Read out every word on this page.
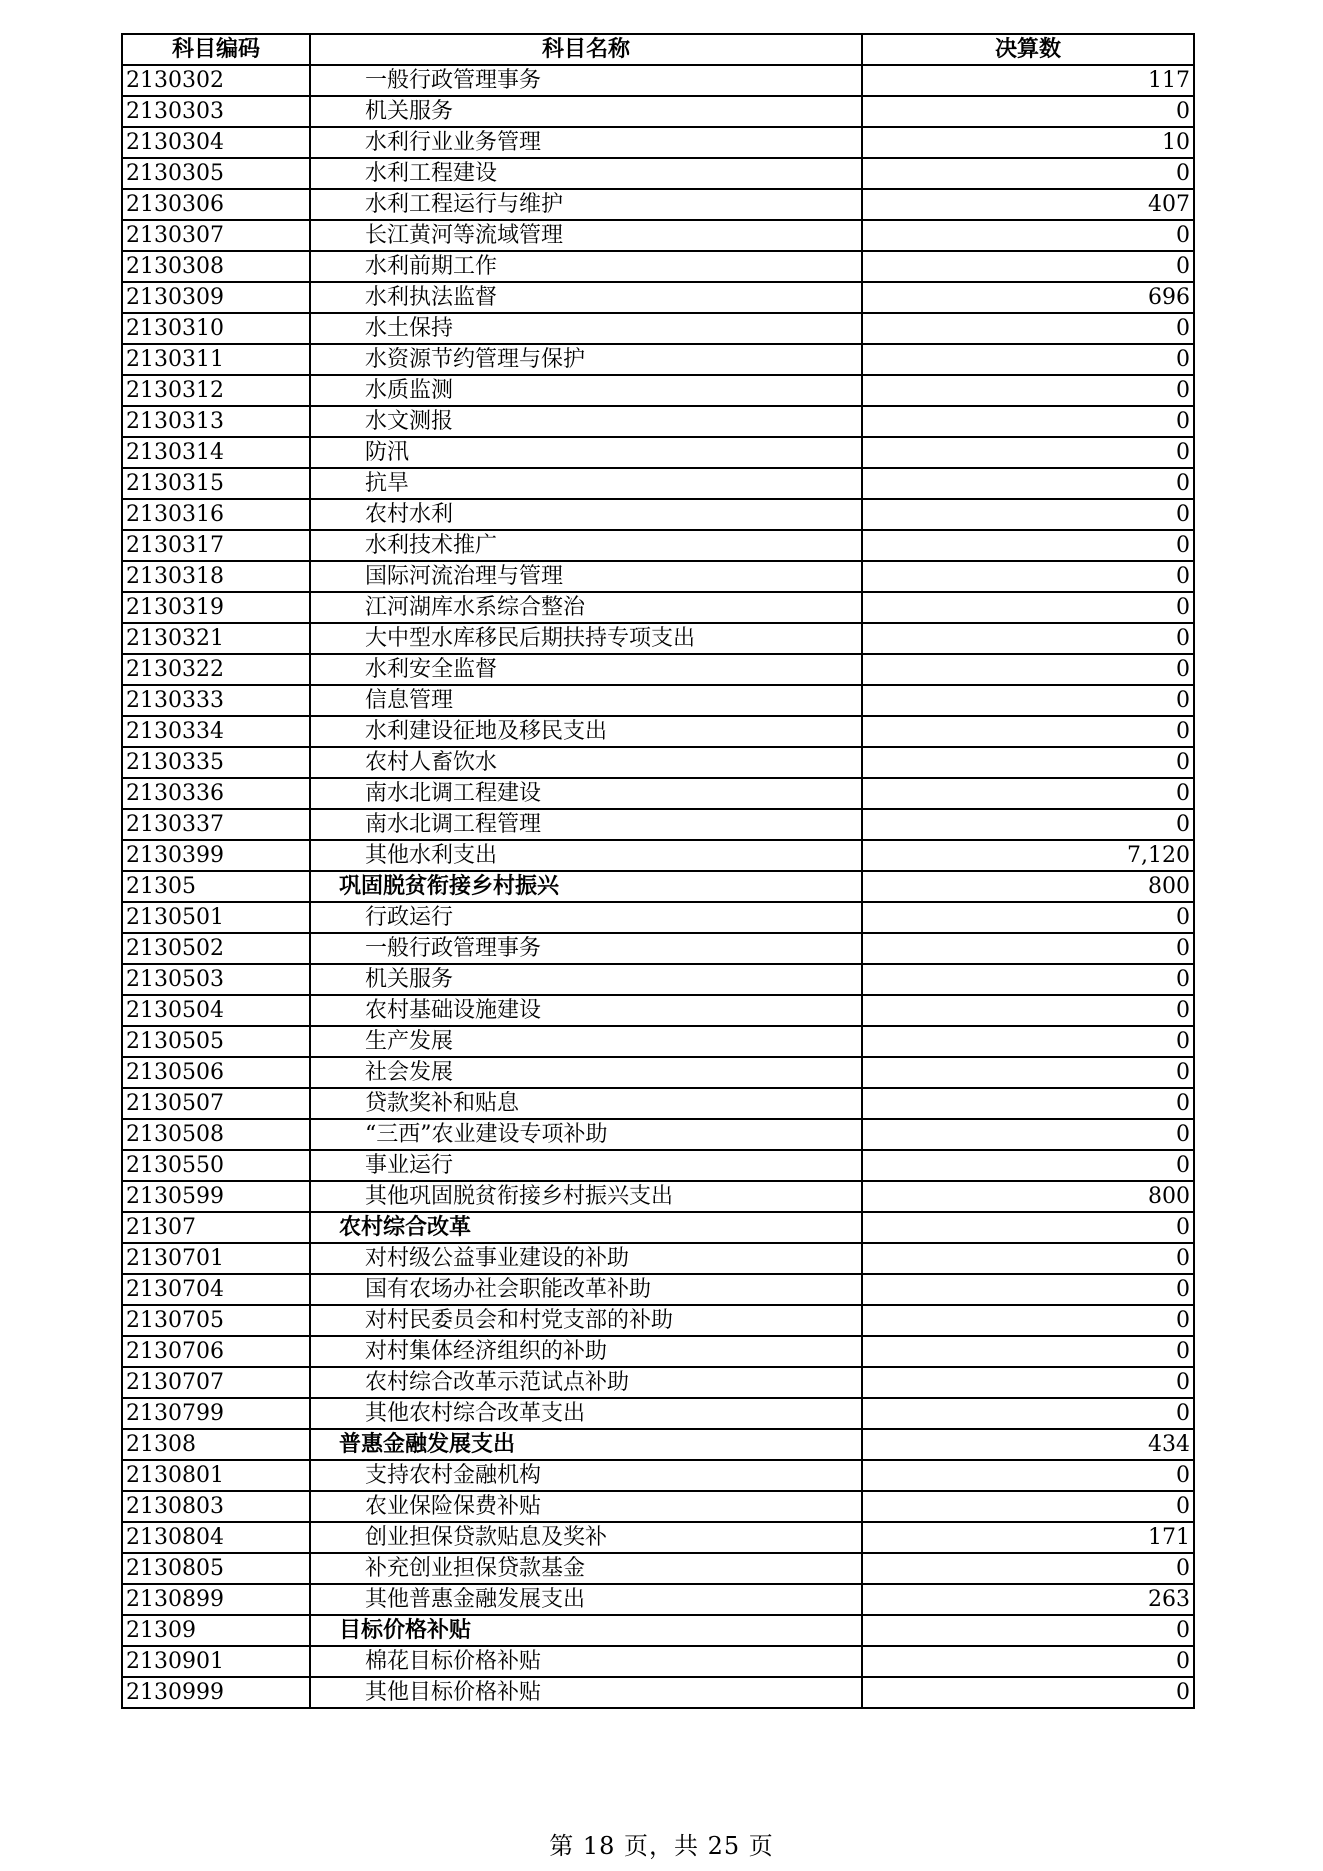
科目编码	科目名称	决算数
2130302	一般行政管理事务	117
2130303	机关服务	0
2130304	水利行业业务管理	10
2130305	水利工程建设	0
2130306	水利工程运行与维护	407
2130307	长江黄河等流域管理	0
2130308	水利前期工作	0
2130309	水利执法监督	696
2130310	水土保持	0
2130311	水资源节约管理与保护	0
2130312	水质监测	0
2130313	水文测报	0
2130314	防汛	0
2130315	抗旱	0
2130316	农村水利	0
2130317	水利技术推广	0
2130318	国际河流治理与管理	0
2130319	江河湖库水系综合整治	0
2130321	大中型水库移民后期扶持专项支出	0
2130322	水利安全监督	0
2130333	信息管理	0
2130334	水利建设征地及移民支出	0
2130335	农村人畜饮水	0
2130336	南水北调工程建设	0
2130337	南水北调工程管理	0
2130399	其他水利支出	7,120
21305	巩固脱贫衔接乡村振兴	800
2130501	行政运行	0
2130502	一般行政管理事务	0
2130503	机关服务	0
2130504	农村基础设施建设	0
2130505	生产发展	0
2130506	社会发展	0
2130507	贷款奖补和贴息	0
2130508	“三西”农业建设专项补助	0
2130550	事业运行	0
2130599	其他巩固脱贫衔接乡村振兴支出	800
21307	农村综合改革	0
2130701	对村级公益事业建设的补助	0
2130704	国有农场办社会职能改革补助	0
2130705	对村民委员会和村党支部的补助	0
2130706	对村集体经济组织的补助	0
2130707	农村综合改革示范试点补助	0
2130799	其他农村综合改革支出	0
21308	普惠金融发展支出	434
2130801	支持农村金融机构	0
2130803	农业保险保费补贴	0
2130804	创业担保贷款贴息及奖补	171
2130805	补充创业担保贷款基金	0
2130899	其他普惠金融发展支出	263
21309	目标价格补贴	0
2130901	棉花目标价格补贴	0
2130999	其他目标价格补贴	0
第 18 页，共 25 页
